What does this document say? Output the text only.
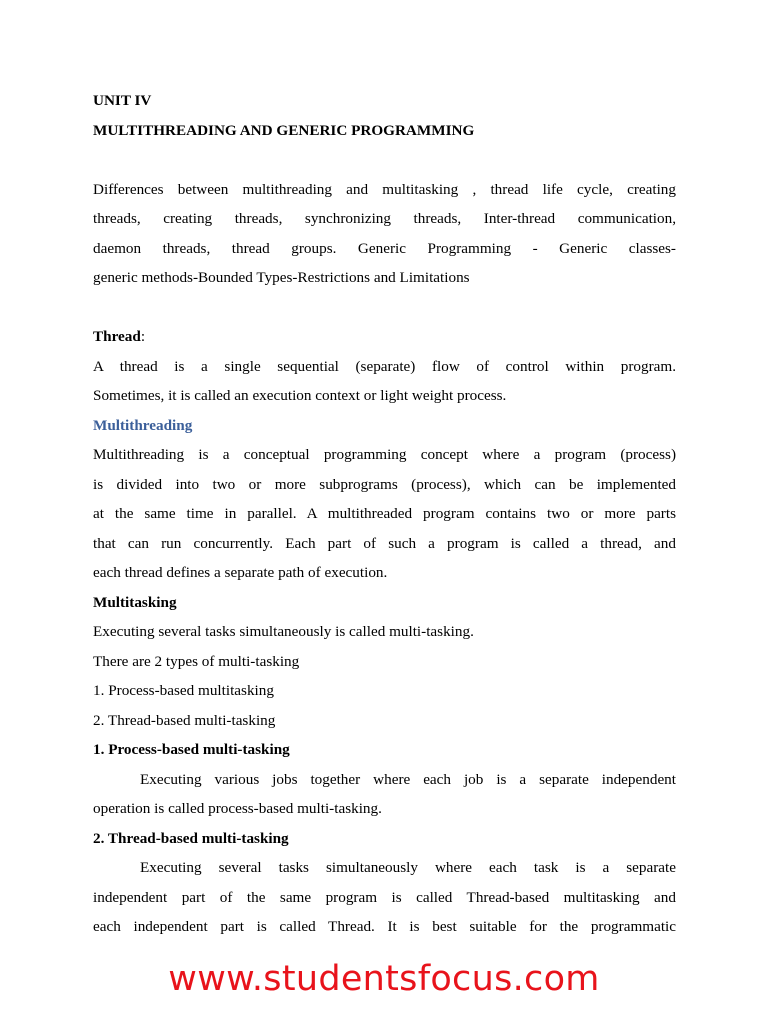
UNIT IV
MULTITHREADING AND GENERIC PROGRAMMING
Differences between multithreading and multitasking , thread life cycle, creating
threads, creating threads, synchronizing threads, Inter-thread communication,
daemon threads, thread groups. Generic Programming - Generic classes-
generic methods-Bounded Types-Restrictions and Limitations
Thread:
A thread is a single sequential (separate) flow of control within program.
Sometimes, it is called an execution context or light weight process.
Multithreading
Multithreading is a conceptual programming concept where a program (process)
is divided into two or more subprograms (process), which can be implemented
at the same time in parallel. A multithreaded program contains two or more parts
that can run concurrently. Each part of such a program is called a thread, and
each thread defines a separate path of execution.
Multitasking
Executing several tasks simultaneously is called multi-tasking.
There are 2 types of multi-tasking
1. Process-based multitasking
2. Thread-based multi-tasking
1. Process-based multi-tasking
Executing various jobs together where each job is a separate independent
operation is called process-based multi-tasking.
2. Thread-based multi-tasking
Executing several tasks simultaneously where each task is a separate
independent part of the same program is called Thread-based multitasking and
each independent part is called Thread. It is best suitable for the programmatic
www.studentsfocus.com
